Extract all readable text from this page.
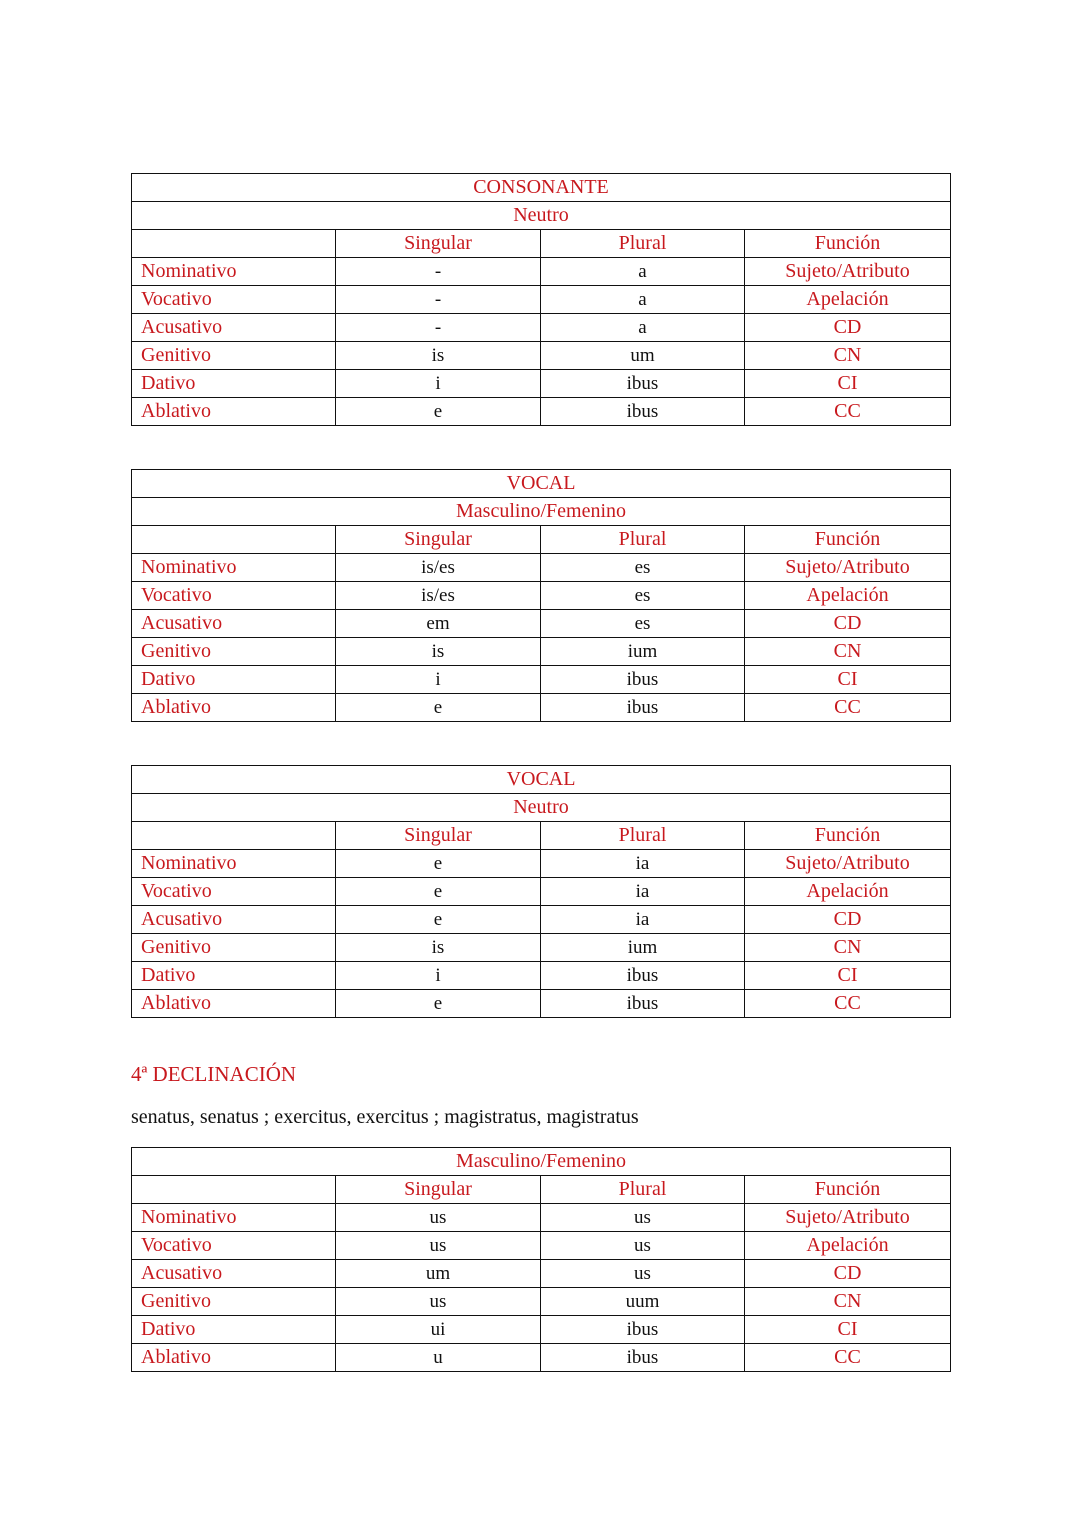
CONSONANTE			
Neutro			
	Singular	Plural	Función
Nominativo	-	a	Sujeto/Atributo
Vocativo	-	a	Apelación
Acusativo	-	a	CD
Genitivo	is	um	CN
Dativo	i	ibus	CI
Ablativo	e	ibus	CC
VOCAL			
Masculino/Femenino			
	Singular	Plural	Función
Nominativo	is/es	es	Sujeto/Atributo
Vocativo	is/es	es	Apelación
Acusativo	em	es	CD
Genitivo	is	ium	CN
Dativo	i	ibus	CI
Ablativo	e	ibus	CC
VOCAL			
Neutro			
	Singular	Plural	Función
Nominativo	e	ia	Sujeto/Atributo
Vocativo	e	ia	Apelación
Acusativo	e	ia	CD
Genitivo	is	ium	CN
Dativo	i	ibus	CI
Ablativo	e	ibus	CC

4ª DECLINACIÓN

senatus, senatus ; exercitus, exercitus ; magistratus, magistratus

Masculino/Femenino			
	Singular	Plural	Función
Nominativo	us	us	Sujeto/Atributo
Vocativo	us	us	Apelación
Acusativo	um	us	CD
Genitivo	us	uum	CN
Dativo	ui	ibus	CI
Ablativo	u	ibus	CC
